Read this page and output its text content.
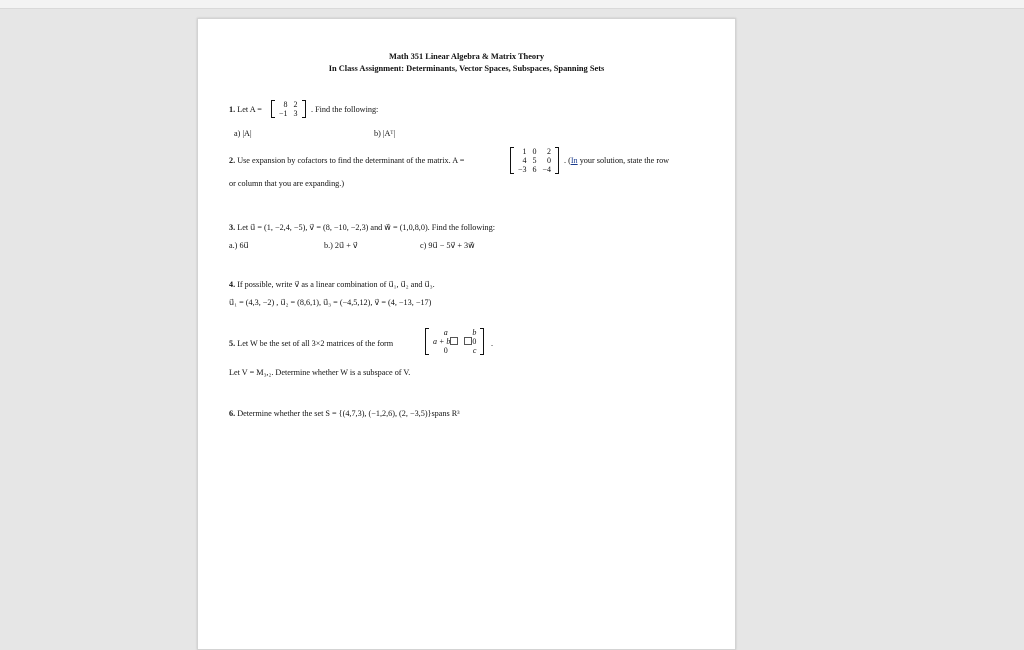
Math 351 Linear Algebra & Matrix Theory
In Class Assignment: Determinants, Vector Spaces, Subspaces, Spanning Sets
1. Let A =
8	2
−1	3 . Find the following:
a) |A|	b) |Aᵀ|
2. Use expansion by cofactors to find the determinant of the matrix. A =
1	0	2
4	5	0
−3	6	−4
. (In your solution, state the row
or column that you are expanding.)
3. Let u⃗ = (1, −2,4, −5), v⃗ = (8, −10, −2,3) and w⃗ = (1,0,8,0). Find the following:
a.) 6u⃗	b.) 2u⃗ + v⃗	c) 9u⃗ − 5v⃗ + 3w⃗
4. If possible, write v⃗ as a linear combination of u⃗₁, u⃗₂ and u⃗₃.
u⃗₁ = (4,3, −2) , u⃗₂ = (8,6,1), u⃗₃ = (−4,5,12), v⃗ = (4, −13, −17)
5. Let W be the set of all 3×2 matrices of the form
a	b
a + b	0
0	c
.
Let V = M₃,₂. Determine whether W is a subspace of V.
6. Determine whether the set S = {(4,7,3), (−1,2,6), (2, −3,5)}spans R³
